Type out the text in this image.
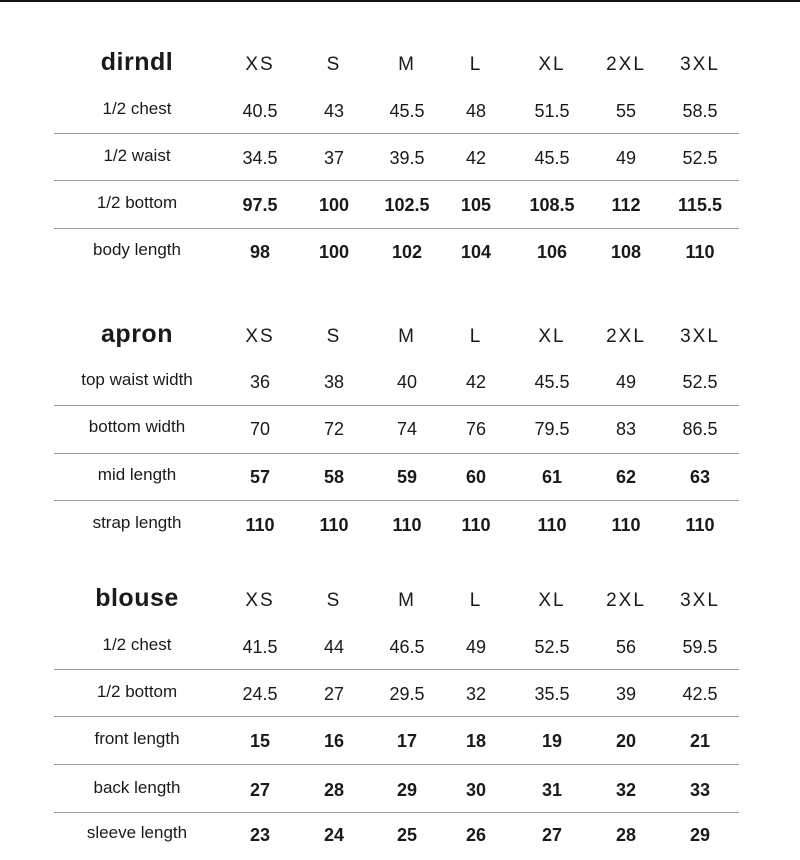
dirndl	XS	S	M	L	XL 2XL 3XL
1/2 chest	40.5	43	45.5 48	51.5	55	58.5
1/2 waist	34.5	37	39.5 42	45.5	49	52.5
1/2 bottom	97.5 100 102.5 105 108.5 112 115.5
body length	98	100 102 104	106 108 110
apron	XS	S	M	L	XL 2XL 3XL
top waist width	36	38	40	42	45.5	49	52.5
bottom width	70	72	74	76	79.5	83	86.5
mid length	57	58	59	60	61	62	63
strap length	110 110 110 110	110 110 110
blouse	XS	S	M	L	XL 2XL 3XL
1/2 chest	41.5	44	46.5 49	52.5	56	59.5
1/2 bottom	24.5	27	29.5 32	35.5	39	42.5
front length	15	16	17	18	19	20	21
back length	27	28	29	30	31	32	33
sleeve length	23	24	25	26	27	28	29
